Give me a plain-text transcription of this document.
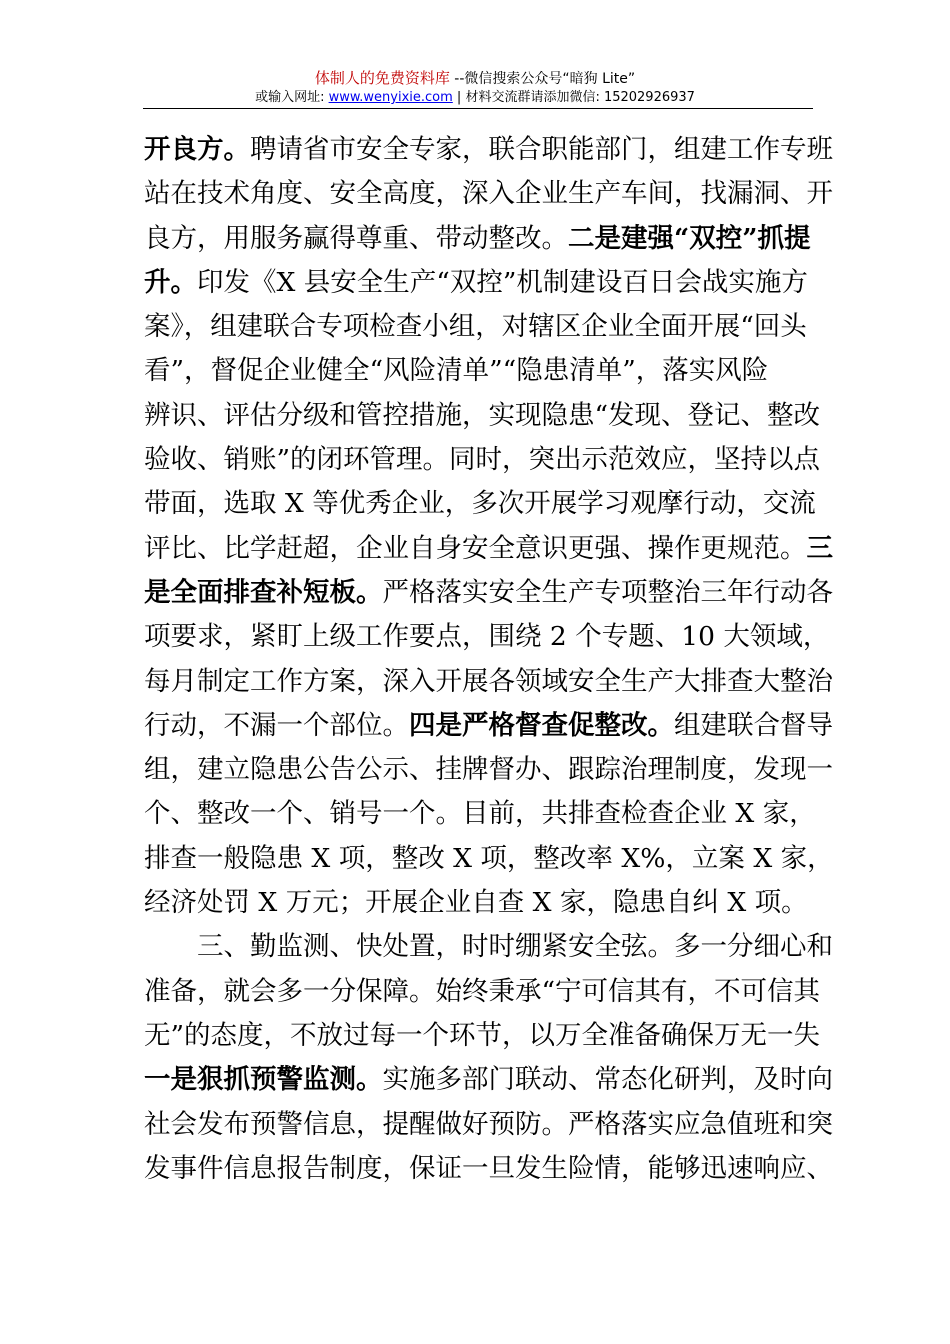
体制人的免费资料库 --微信搜索公众号“暗狗 Lite”
或输入网址: www.wenyixie.com | 材料交流群请添加微信: 15202926937
开良方。聘请省市安全专家，联合职能部门，组建工作专班
站在技术角度、安全高度，深入企业生产车间，找漏洞、开
良方，用服务赢得尊重、带动整改。二是建强“双控”抓提
升。印发《X 县安全生产“双控”机制建设百日会战实施方
案》，组建联合专项检查小组，对辖区企业全面开展“回头
看”，督促企业健全“风险清单”“隐患清单”，落实风险
辨识、评估分级和管控措施，实现隐患“发现、登记、整改
验收、销账”的闭环管理。同时，突出示范效应，坚持以点
带面，选取 X 等优秀企业，多次开展学习观摩行动，交流
评比、比学赶超，企业自身安全意识更强、操作更规范。三
是全面排查补短板。严格落实安全生产专项整治三年行动各
项要求，紧盯上级工作要点，围绕 2 个专题、10 大领域，
每月制定工作方案，深入开展各领域安全生产大排查大整治
行动，不漏一个部位。四是严格督查促整改。组建联合督导
组，建立隐患公告公示、挂牌督办、跟踪治理制度，发现一
个、整改一个、销号一个。目前，共排查检查企业 X 家，
排查一般隐患 X 项，整改 X 项，整改率 X%，立案 X 家，
经济处罚 X 万元；开展企业自查 X 家，隐患自纠 X 项。
三、勤监测、快处置，时时绷紧安全弦。多一分细心和
准备，就会多一分保障。始终秉承“宁可信其有，不可信其
无”的态度，不放过每一个环节，以万全准备确保万无一失
一是狠抓预警监测。实施多部门联动、常态化研判，及时向
社会发布预警信息，提醒做好预防。严格落实应急值班和突
发事件信息报告制度，保证一旦发生险情，能够迅速响应、
